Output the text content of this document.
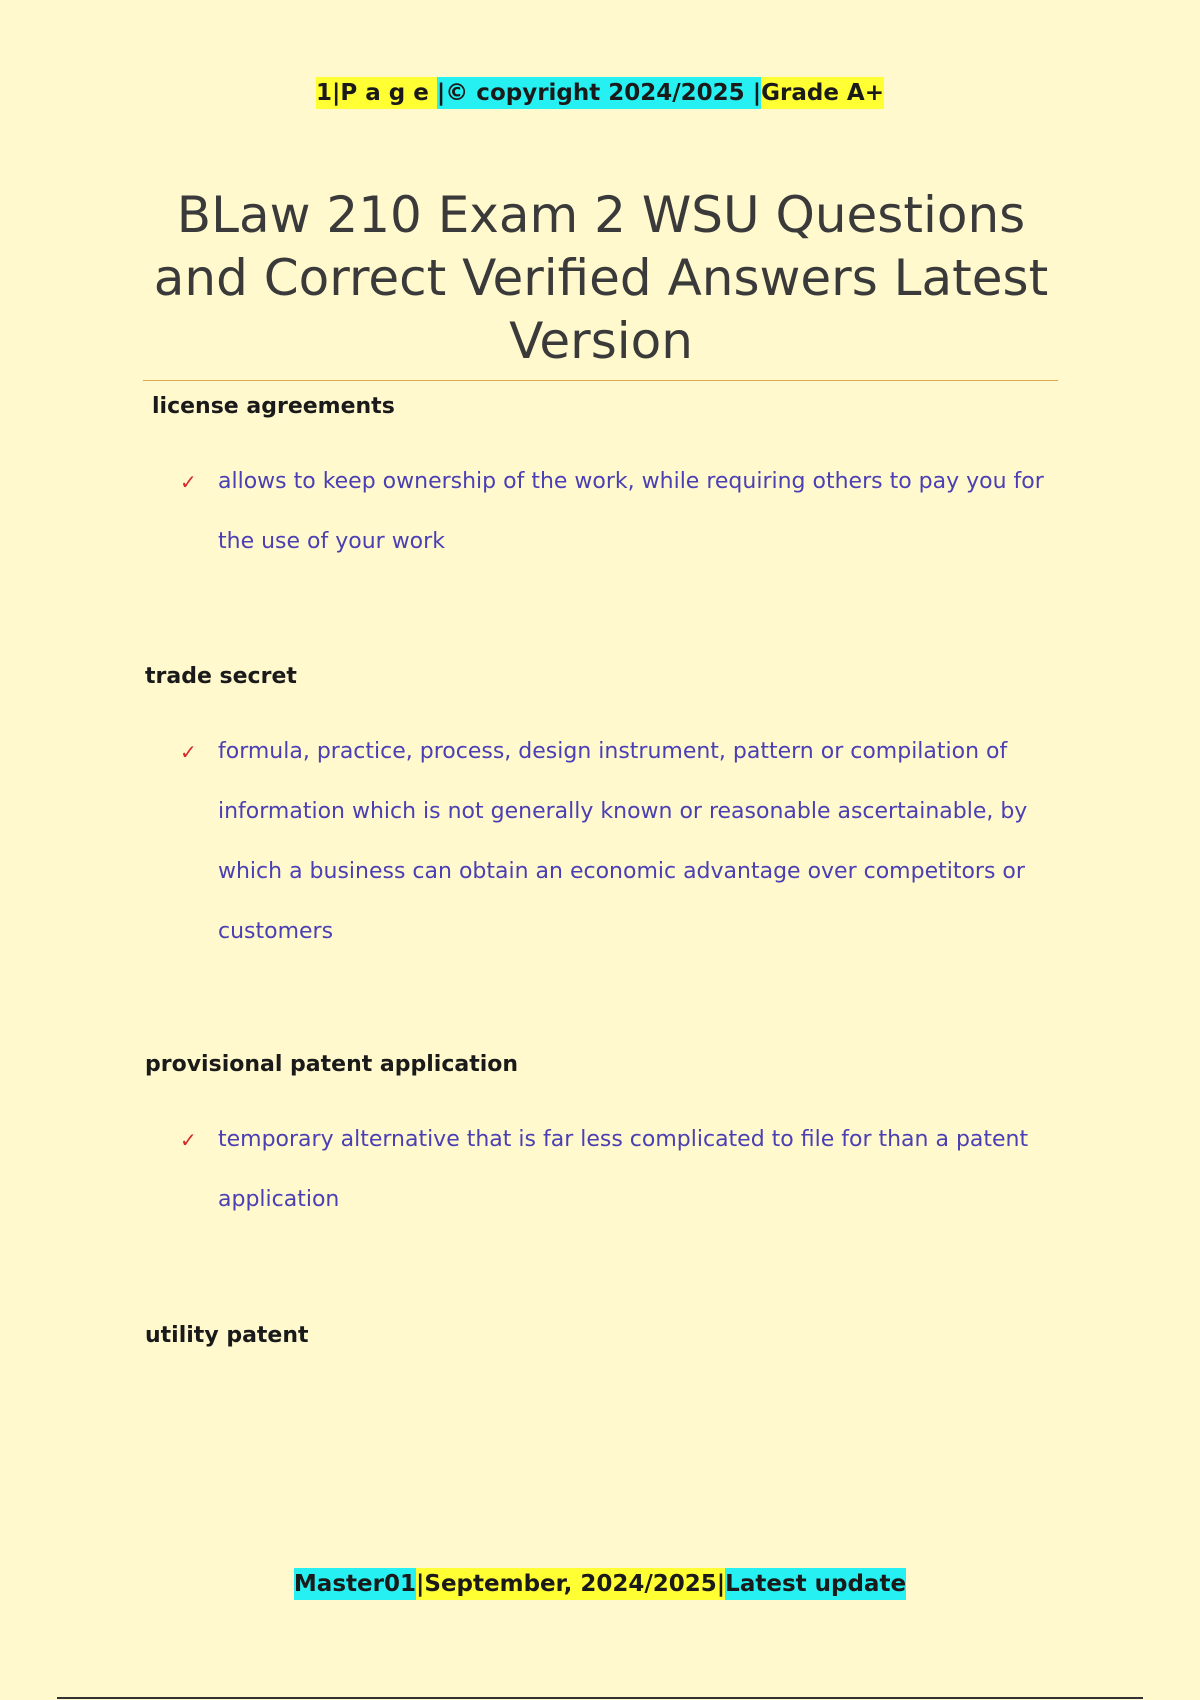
1|P a g e |© copyright 2024/2025 |Grade A+
BLaw 210 Exam 2 WSU Questions and Correct Verified Answers Latest Version
license agreements
✓ allows to keep ownership of the work, while requiring others to pay you for the use of your work
trade secret
✓ formula, practice, process, design instrument, pattern or compilation of information which is not generally known or reasonable ascertainable, by which a business can obtain an economic advantage over competitors or customers
provisional patent application
✓ temporary alternative that is far less complicated to file for than a patent application
utility patent
Master01|September, 2024/2025|Latest update
